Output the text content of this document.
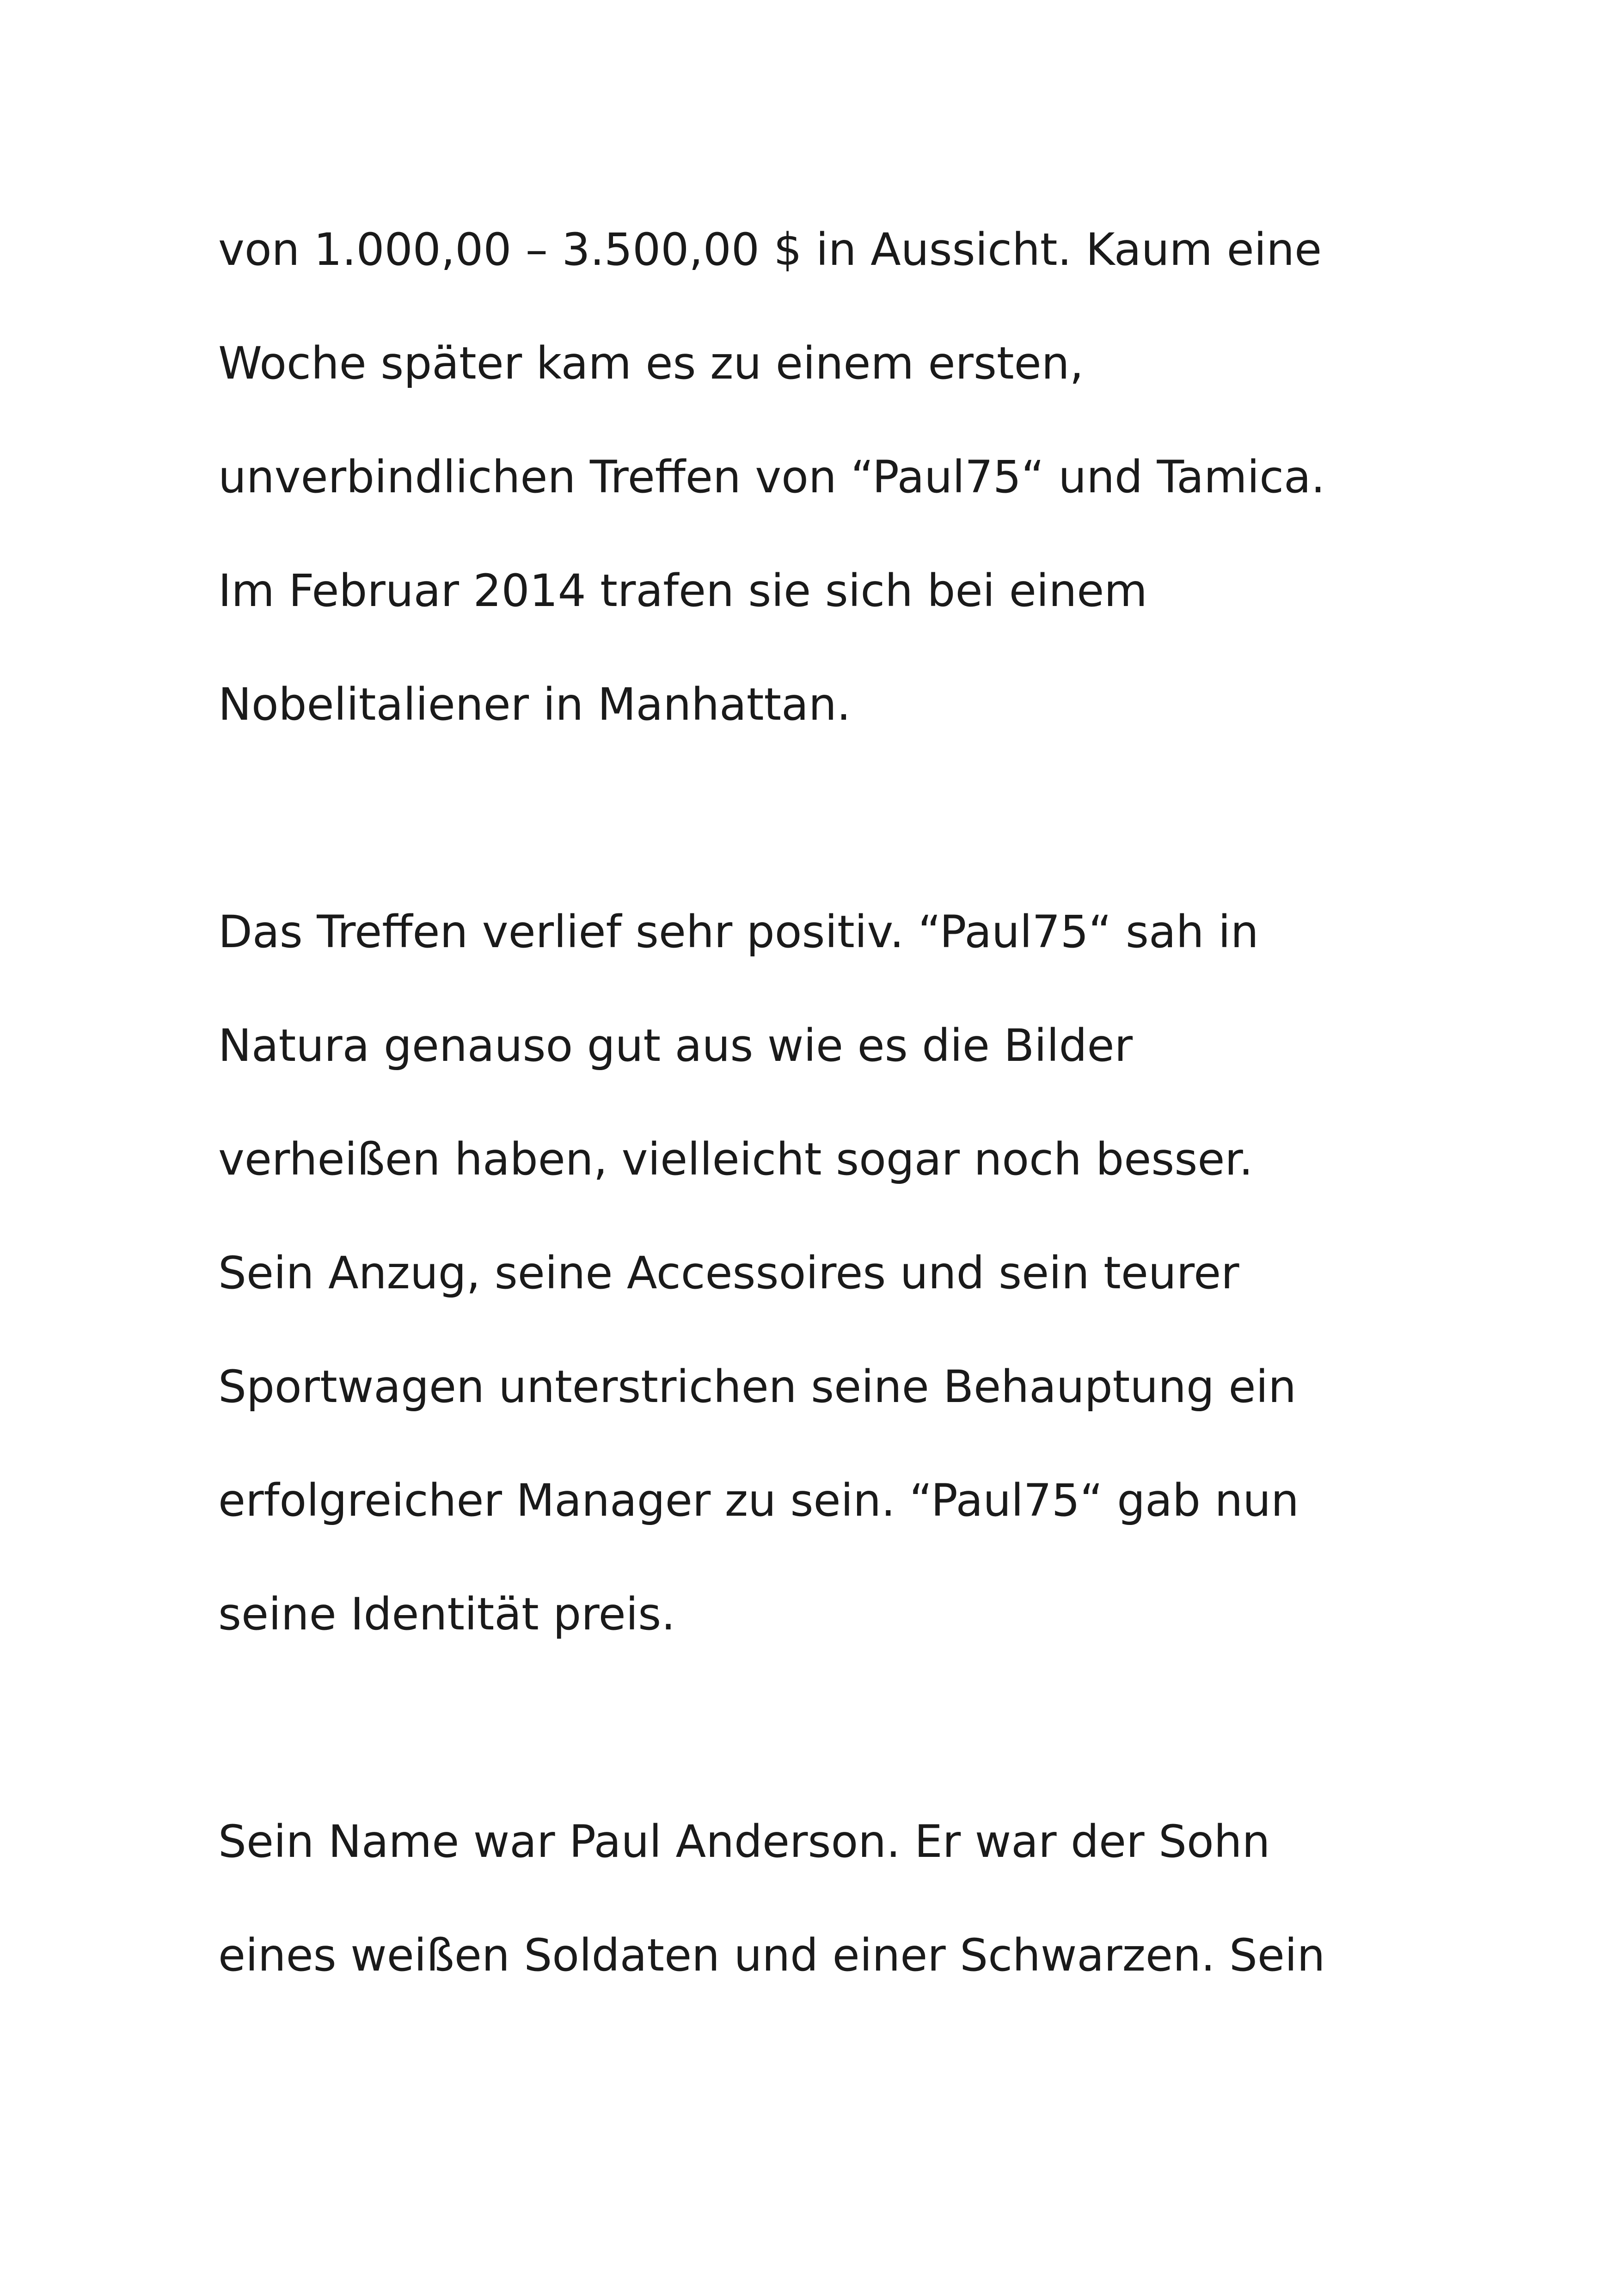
von 1.000,00 – 3.500,00 $ in Aussicht. Kaum eine

Woche später kam es zu einem ersten,

unverbindlichen Treffen von “Paul75“ und Tamica.

Im Februar 2014 trafen sie sich bei einem

Nobelitaliener in Manhattan.

Das Treffen verlief sehr positiv. “Paul75“ sah in

Natura genauso gut aus wie es die Bilder

verheißen haben, vielleicht sogar noch besser.

Sein Anzug, seine Accessoires und sein teurer

Sportwagen unterstrichen seine Behauptung ein

erfolgreicher Manager zu sein. “Paul75“ gab nun

seine Identität preis.

Sein Name war Paul Anderson. Er war der Sohn

eines weißen Soldaten und einer Schwarzen. Sein
